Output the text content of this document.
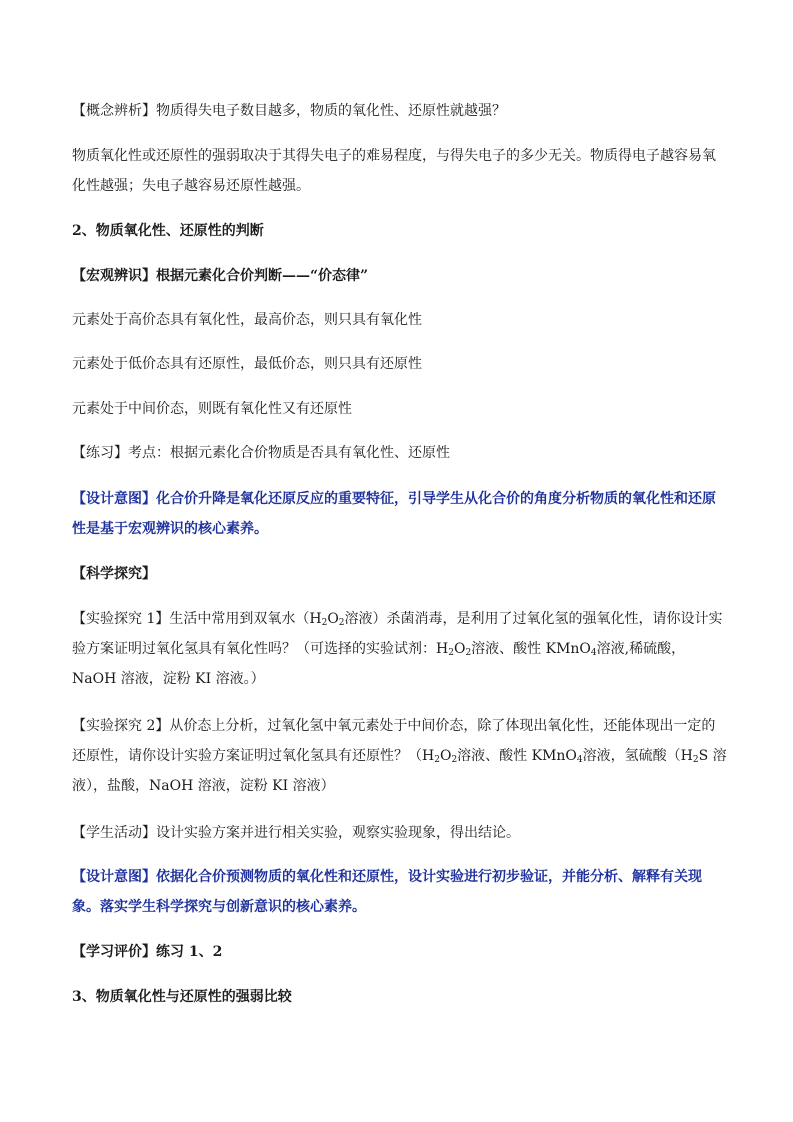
【概念辨析】物质得失电子数目越多，物质的氧化性、还原性就越强？

物质氧化性或还原性的强弱取决于其得失电子的难易程度，与得失电子的多少无关。物质得电子越容易氧化性越强；失电子越容易还原性越强。

2、物质氧化性、还原性的判断

【宏观辨识】根据元素化合价判断——“价态律”

元素处于高价态具有氧化性，最高价态，则只具有氧化性

元素处于低价态具有还原性，最低价态，则只具有还原性

元素处于中间价态，则既有氧化性又有还原性

【练习】考点：根据元素化合价物质是否具有氧化性、还原性

【设计意图】化合价升降是氧化还原反应的重要特征，引导学生从化合价的角度分析物质的氧化性和还原性是基于宏观辨识的核心素养。

【科学探究】

【实验探究 1】生活中常用到双氧水（$H_2O_2$溶液）杀菌消毒，是利用了过氧化氢的强氧化性，请你设计实验方案证明过氧化氢具有氧化性吗？（可选择的实验试剂：$H_2O_2$溶液、酸性 KMnO$_4$溶液,稀硫酸，NaOH 溶液，淀粉 KI 溶液。）

【实验探究 2】从价态上分析，过氧化氢中氧元素处于中间价态，除了体现出氧化性，还能体现出一定的还原性，请你设计实验方案证明过氧化氢具有还原性？（$H_2O_2$溶液、酸性 KMnO$_4$溶液，氢硫酸（$H_2S$ 溶液），盐酸，NaOH 溶液，淀粉 KI 溶液）

【学生活动】设计实验方案并进行相关实验，观察实验现象，得出结论。

【设计意图】依据化合价预测物质的氧化性和还原性，设计实验进行初步验证，并能分析、解释有关现象。落实学生科学探究与创新意识的核心素养。

【学习评价】练习 1、2

3、物质氧化性与还原性的强弱比较
